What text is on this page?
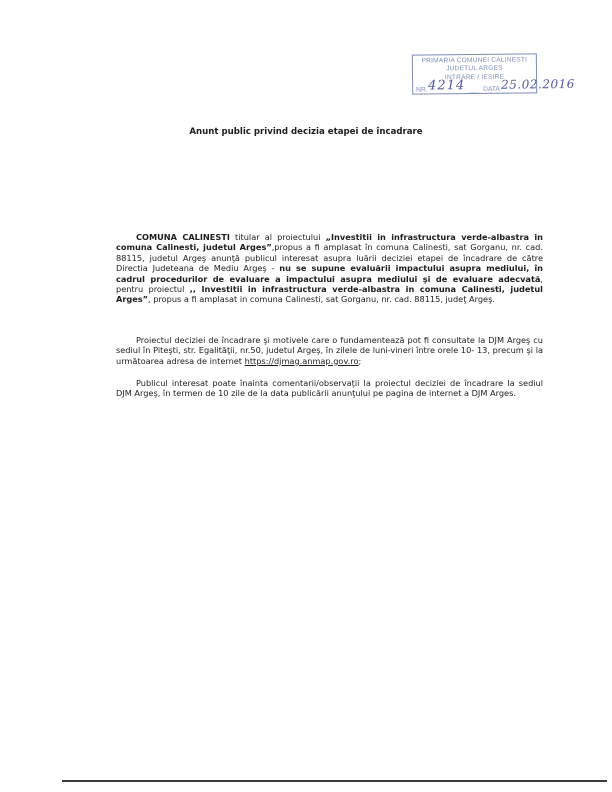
PRIMARIA COMUNEI CALINESTI
JUDETUL ARGES
INTRARE / IESIRE
NR. 4214 ...... DATA 25.02.2016
Anunt public privind decizia etapei de încadrare
COMUNA CALINESTI titular al proiectului „Investitii in infrastructura verde-albastra in comuna Calinesti, judetul Arges”,propus a fi amplasat în comuna Calinesti, sat Gorganu, nr. cad. 88115, judetul Argeş anunţă publicul interesat asupra luării deciziei etapei de încadrare de către Directia Judeteana de Mediu Argeş - nu se supune evaluării impactului asupra mediului, în cadrul procedurilor de evaluare a impactului asupra mediului şi de evaluare adecvată, pentru proiectul ,, Investitii in infrastructura verde-albastra in comuna Calinesti, judetul Arges”, propus a fi amplasat in comuna Calinesti, sat Gorganu, nr. cad. 88115, judeţ Argeş.
Proiectul deciziei de încadrare şi motivele care o fundamentează pot fi consultate la DJM Argeş cu sediul în Piteşti, str. Egalităţii, nr.50, judetul Argeş, în zilele de luni-vineri între orele 10- 13, precum şi la următoarea adresa de internet https://djmag.anmap.gov.ro;
Publicul interesat poate înainta comentarii/observaţii la proiectul deciziei de încadrare la sediul DJM Argeş, în termen de 10 zile de la data publicării anunţului pe pagina de internet a DJM Arges.
